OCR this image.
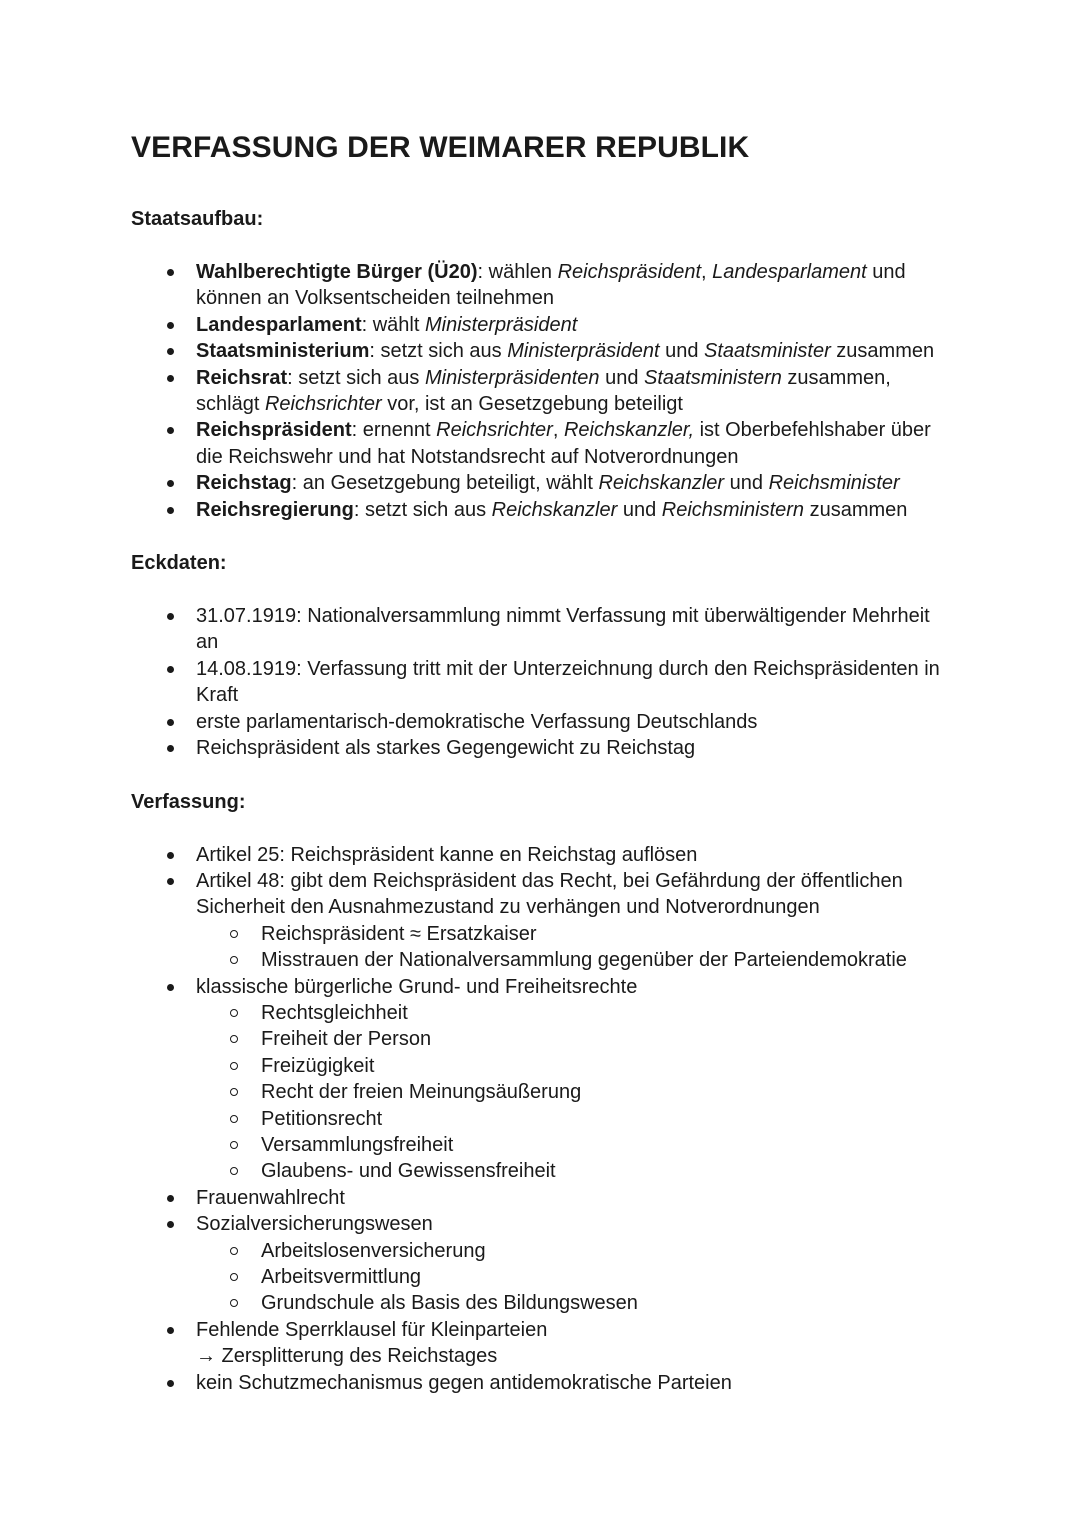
VERFASSUNG DER WEIMARER REPUBLIK
Staatsaufbau:
Wahlberechtigte Bürger (Ü20): wählen Reichspräsident, Landesparlament und können an Volksentscheiden teilnehmen
Landesparlament: wählt Ministerpräsident
Staatsministerium: setzt sich aus Ministerpräsident und Staatsminister zusammen
Reichsrat: setzt sich aus Ministerpräsidenten und Staatsministern zusammen, schlägt Reichsrichter vor, ist an Gesetzgebung beteiligt
Reichspräsident: ernennt Reichsrichter, Reichskanzler, ist Oberbefehlshaber über die Reichswehr und hat Notstandsrecht auf Notverordnungen
Reichstag: an Gesetzgebung beteiligt, wählt Reichskanzler und Reichsminister
Reichsregierung: setzt sich aus Reichskanzler und Reichsministern zusammen
Eckdaten:
31.07.1919: Nationalversammlung nimmt Verfassung mit überwältigender Mehrheit an
14.08.1919: Verfassung tritt mit der Unterzeichnung durch den Reichspräsidenten in Kraft
erste parlamentarisch-demokratische Verfassung Deutschlands
Reichspräsident als starkes Gegengewicht zu Reichstag
Verfassung:
Artikel 25: Reichspräsident kanne en Reichstag auflösen
Artikel 48: gibt dem Reichspräsident das Recht, bei Gefährdung der öffentlichen Sicherheit den Ausnahmezustand zu verhängen und Notverordnungen
Reichspräsident ≈ Ersatzkaiser
Misstrauen der Nationalversammlung gegenüber der Parteiendemokratie
klassische bürgerliche Grund- und Freiheitsrechte
Rechtsgleichheit
Freiheit der Person
Freizügigkeit
Recht der freien Meinungsäußerung
Petitionsrecht
Versammlungsfreiheit
Glaubens- und Gewissensfreiheit
Frauenwahlrecht
Sozialversicherungswesen
Arbeitslosenversicherung
Arbeitsvermittlung
Grundschule als Basis des Bildungswesen
Fehlende Sperrklausel für Kleinparteien
→ Zersplitterung des Reichstages
kein Schutzmechanismus gegen antidemokratische Parteien
